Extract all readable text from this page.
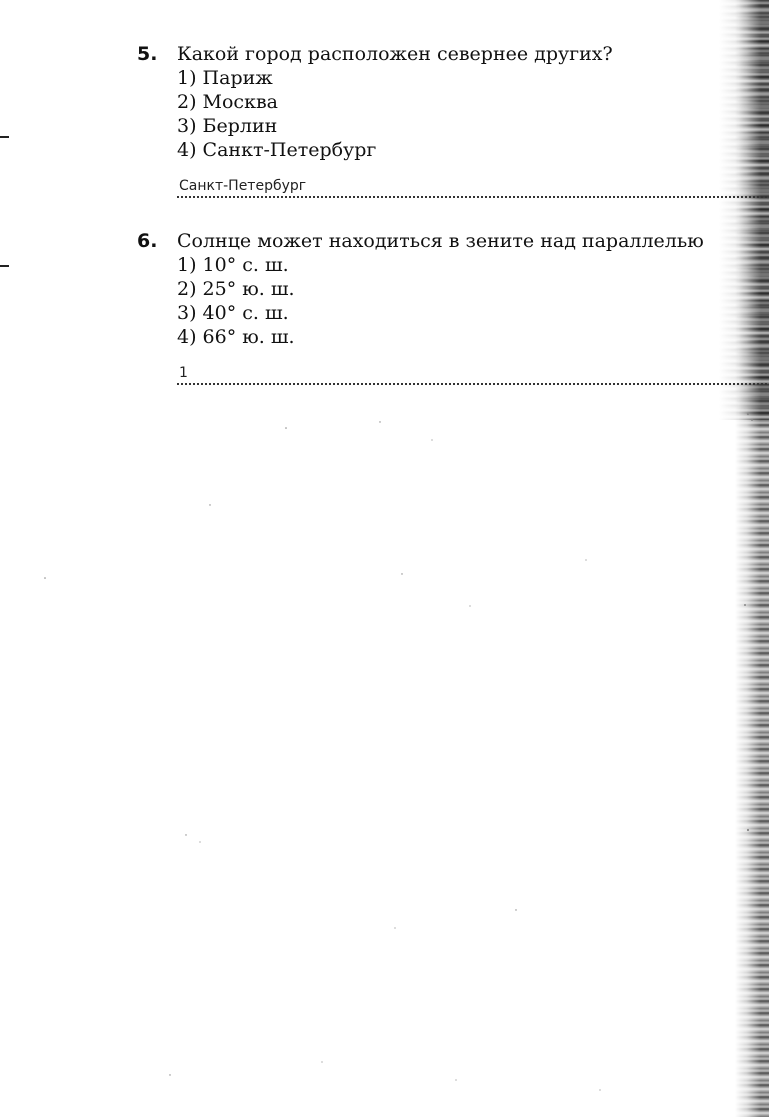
5. Какой город расположен севернее других?
1) Париж
2) Москва
3) Берлин
4) Санкт-Петербург
Санкт-Петербург
6. Солнце может находиться в зените над параллелью
1) 10° с. ш.
2) 25° ю. ш.
3) 40° с. ш.
4) 66° ю. ш.
1
